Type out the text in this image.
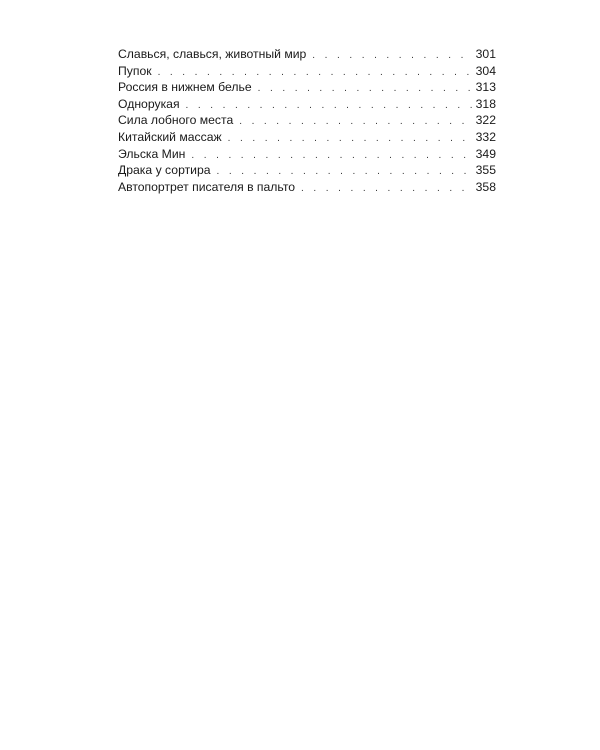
Славься, славься, животный мир . . .	301
Пупок . . .	304
Россия в нижнем белье . . .	313
Однорукая . . .	318
Сила лобного места . . .	322
Китайский массаж . . .	332
Эльска Мин . . .	349
Драка у сортира . . .	355
Автопортрет писателя в пальто . . .	358
